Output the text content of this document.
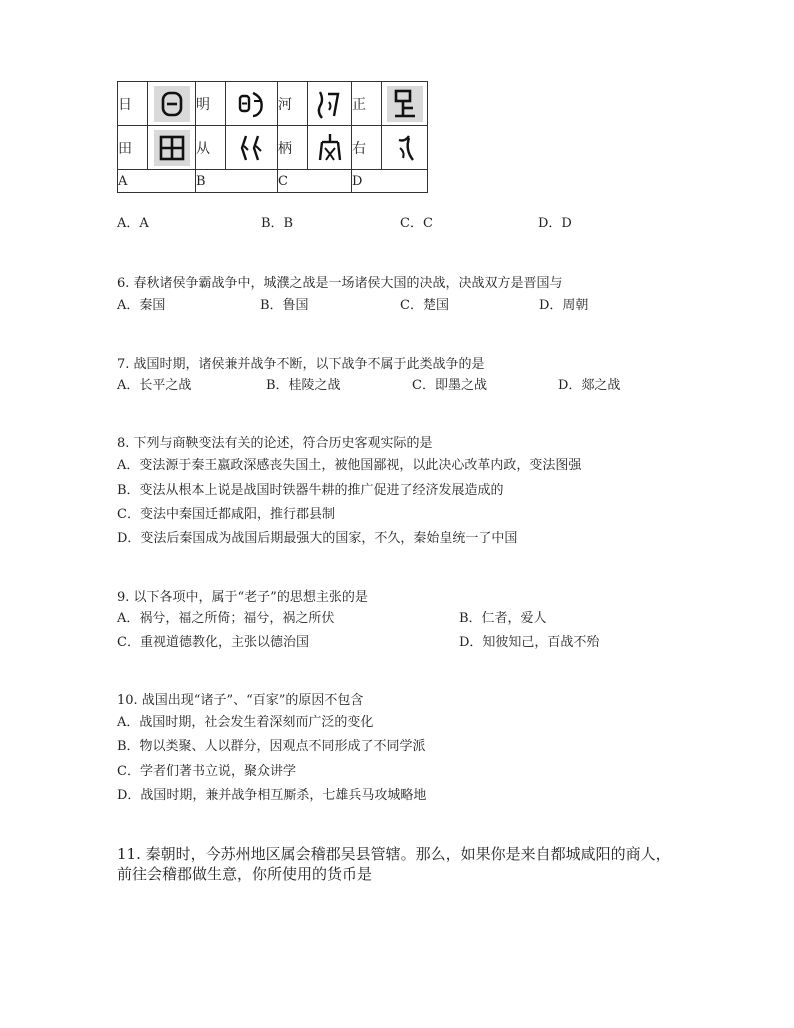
日		明		河		正	

田		从		柄		右	

A		B		C		D	
A．A	B．B	C．C	D．D
6. 春秋诸侯争霸战争中，城濮之战是一场诸侯大国的决战，决战双方是晋国与
A．秦国	B．鲁国	C．楚国	D．周朝
7. 战国时期，诸侯兼并战争不断，以下战争不属于此类战争的是
A．长平之战	B．桂陵之战	C．即墨之战	D．郯之战
8. 下列与商鞅变法有关的论述，符合历史客观实际的是
A．变法源于秦王嬴政深感丧失国土，被他国鄙视，以此决心改革内政，变法图强
B．变法从根本上说是战国时铁器牛耕的推广促进了经济发展造成的
C．变法中秦国迁都咸阳，推行郡县制
D．变法后秦国成为战国后期最强大的国家，不久，秦始皇统一了中国
9. 以下各项中，属于“老子”的思想主张的是
A．祸兮，福之所倚；福兮，祸之所伏	B．仁者，爱人
C．重视道德教化，主张以德治国	D．知彼知己，百战不殆
10. 战国出现“诸子”、“百家”的原因不包含
A．战国时期，社会发生着深刻而广泛的变化
B．物以类聚、人以群分，因观点不同形成了不同学派
C．学者们著书立说，聚众讲学
D．战国时期，兼并战争相互厮杀，七雄兵马攻城略地
11. 秦朝时，今苏州地区属会稽郡吴县管辖。那么，如果你是来自都城咸阳的商人，
前往会稽郡做生意，你所使用的货币是
